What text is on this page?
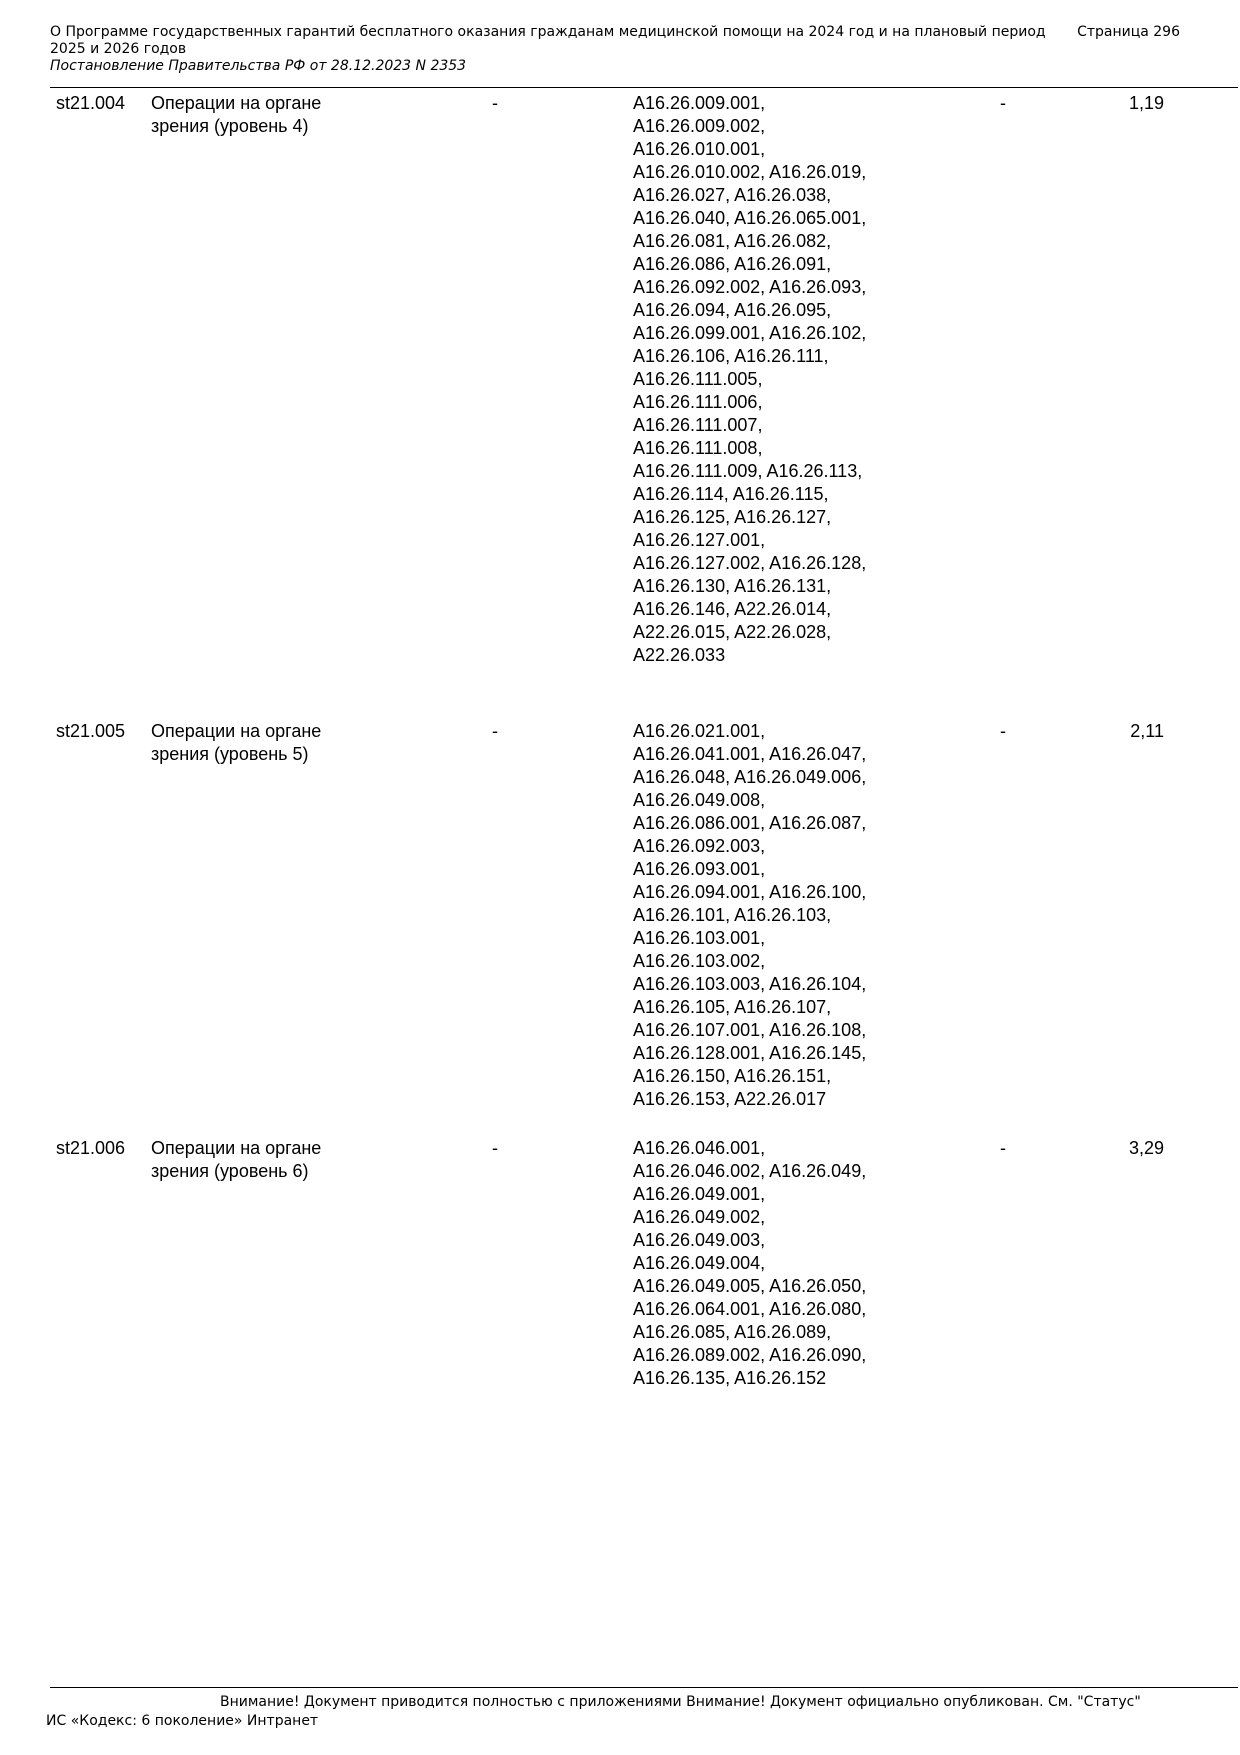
О Программе государственных гарантий бесплатного оказания гражданам медицинской помощи на 2024 год и на плановый период 2025 и 2026 годов
Постановление Правительства РФ от 28.12.2023 N 2353
Страница 296
st21.004 Операции на органе зрения (уровень 4)
-	A16.26.009.001,
A16.26.009.002,
A16.26.010.001,
A16.26.010.002, A16.26.019,
A16.26.027, A16.26.038,
A16.26.040, A16.26.065.001,
A16.26.081, A16.26.082,
A16.26.086, A16.26.091,
A16.26.092.002, A16.26.093,
A16.26.094, A16.26.095,
A16.26.099.001, A16.26.102,
A16.26.106, A16.26.111,
A16.26.111.005,
A16.26.111.006,
A16.26.111.007,
A16.26.111.008,
A16.26.111.009, A16.26.113,
A16.26.114, A16.26.115,
A16.26.125, A16.26.127,
A16.26.127.001,
A16.26.127.002, A16.26.128,
A16.26.130, A16.26.131,
A16.26.146, A22.26.014,
A22.26.015, A22.26.028,
A22.26.033
-	1,19
st21.005 Операции на органе зрения (уровень 5)
-	A16.26.021.001,
A16.26.041.001, A16.26.047,
A16.26.048, A16.26.049.006,
A16.26.049.008,
A16.26.086.001, A16.26.087,
A16.26.092.003,
A16.26.093.001,
A16.26.094.001, A16.26.100,
A16.26.101, A16.26.103,
A16.26.103.001,
A16.26.103.002,
A16.26.103.003, A16.26.104,
A16.26.105, A16.26.107,
A16.26.107.001, A16.26.108,
A16.26.128.001, A16.26.145,
A16.26.150, A16.26.151,
A16.26.153, A22.26.017
-	2,11
st21.006 Операции на органе зрения (уровень 6)
-	A16.26.046.001,
A16.26.046.002, A16.26.049,
A16.26.049.001,
A16.26.049.002,
A16.26.049.003,
A16.26.049.004,
A16.26.049.005, A16.26.050,
A16.26.064.001, A16.26.080,
A16.26.085, A16.26.089,
A16.26.089.002, A16.26.090,
A16.26.135, A16.26.152
-	3,29
Внимание! Документ приводится полностью с приложениями Внимание! Документ официально опубликован. См. "Статус"
ИС «Кодекс: 6 поколение» Интранет
